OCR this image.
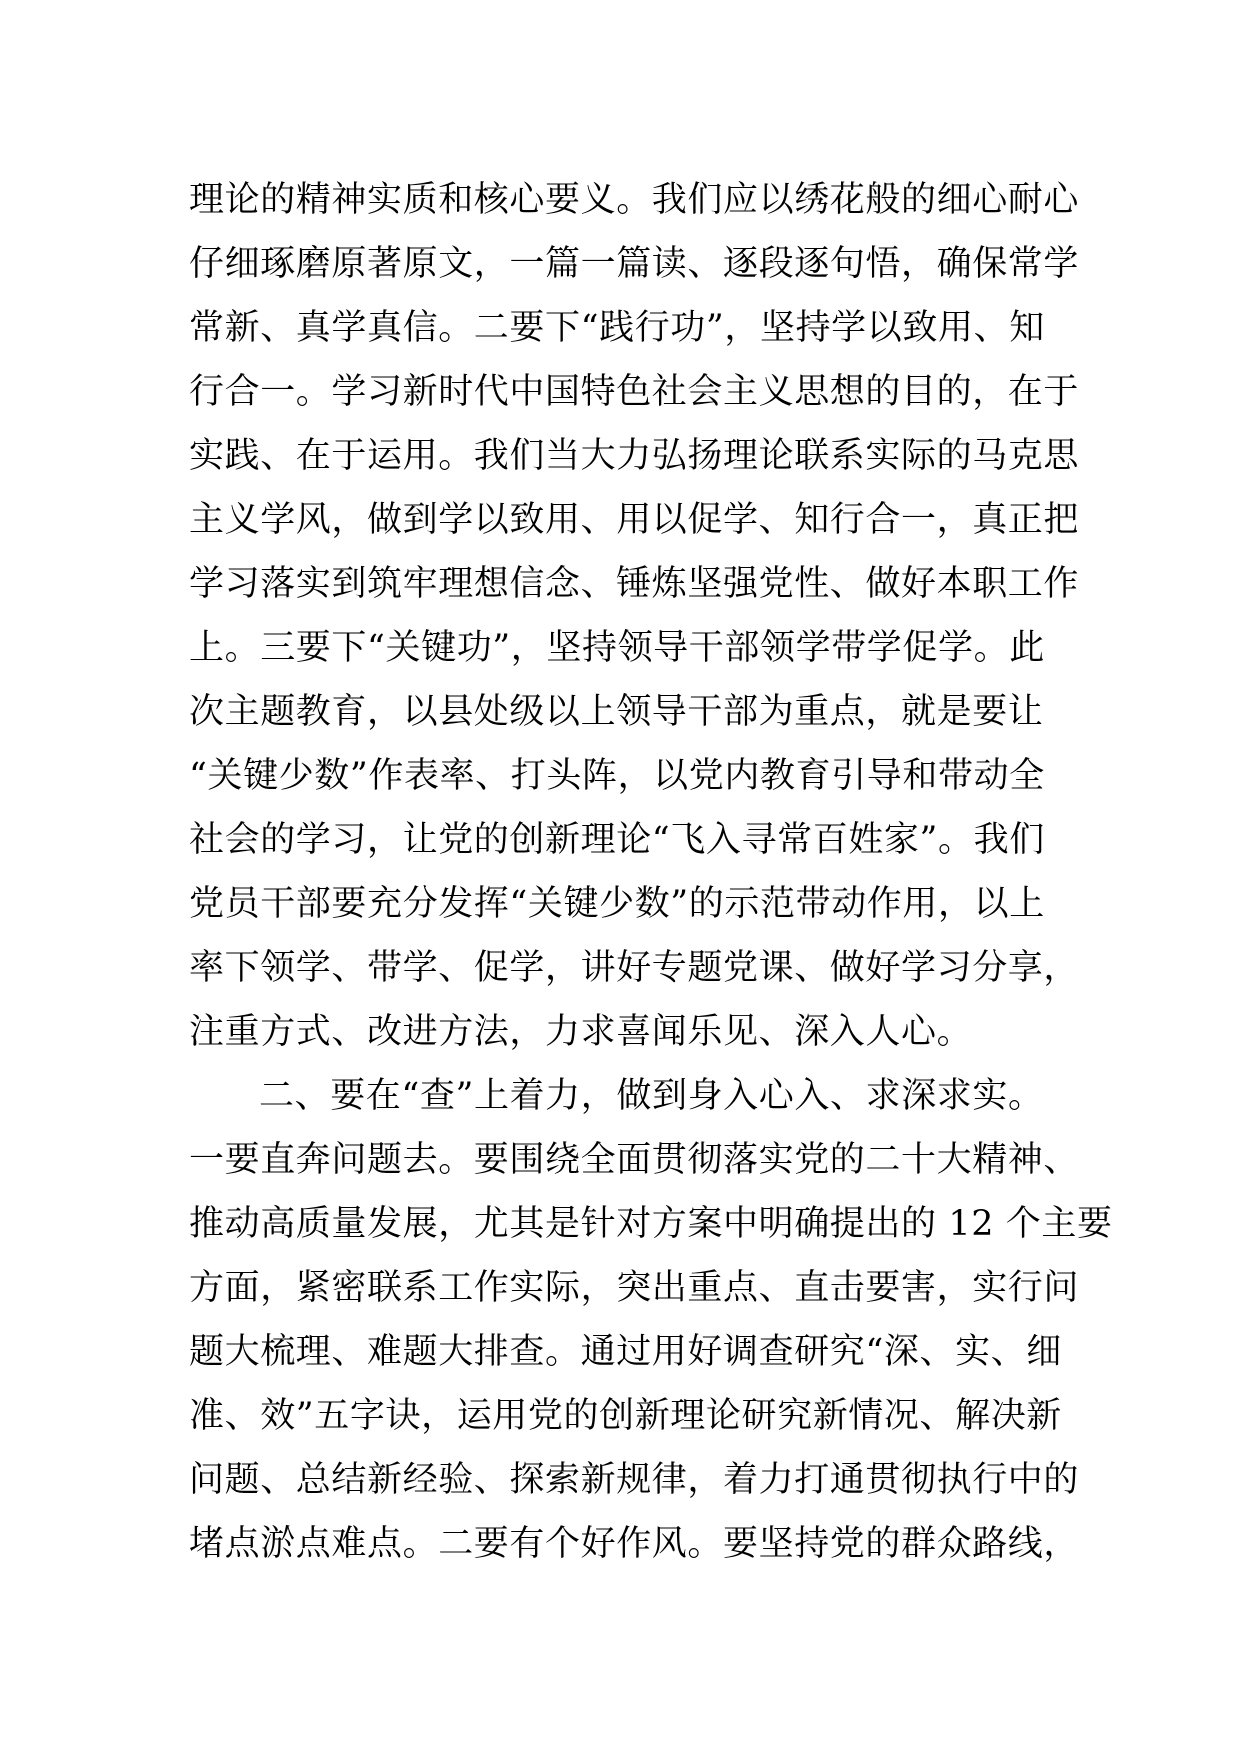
理论的精神实质和核心要义。我们应以绣花般的细心耐心
仔细琢磨原著原文，一篇一篇读、逐段逐句悟，确保常学
常新、真学真信。二要下“践行功”，坚持学以致用、知
行合一。学习新时代中国特色社会主义思想的目的，在于
实践、在于运用。我们当大力弘扬理论联系实际的马克思
主义学风，做到学以致用、用以促学、知行合一，真正把
学习落实到筑牢理想信念、锤炼坚强党性、做好本职工作
上。三要下“关键功”，坚持领导干部领学带学促学。此
次主题教育，以县处级以上领导干部为重点，就是要让
“关键少数”作表率、打头阵，以党内教育引导和带动全
社会的学习，让党的创新理论“飞入寻常百姓家”。我们
党员干部要充分发挥“关键少数”的示范带动作用，以上
率下领学、带学、促学，讲好专题党课、做好学习分享，
注重方式、改进方法，力求喜闻乐见、深入人心。
二、要在“查”上着力，做到身入心入、求深求实。
一要直奔问题去。要围绕全面贯彻落实党的二十大精神、
推动高质量发展，尤其是针对方案中明确提出的 12 个主要
方面，紧密联系工作实际，突出重点、直击要害，实行问
题大梳理、难题大排查。通过用好调查研究“深、实、细
准、效”五字诀，运用党的创新理论研究新情况、解决新
问题、总结新经验、探索新规律，着力打通贯彻执行中的
堵点淤点难点。二要有个好作风。要坚持党的群众路线，
